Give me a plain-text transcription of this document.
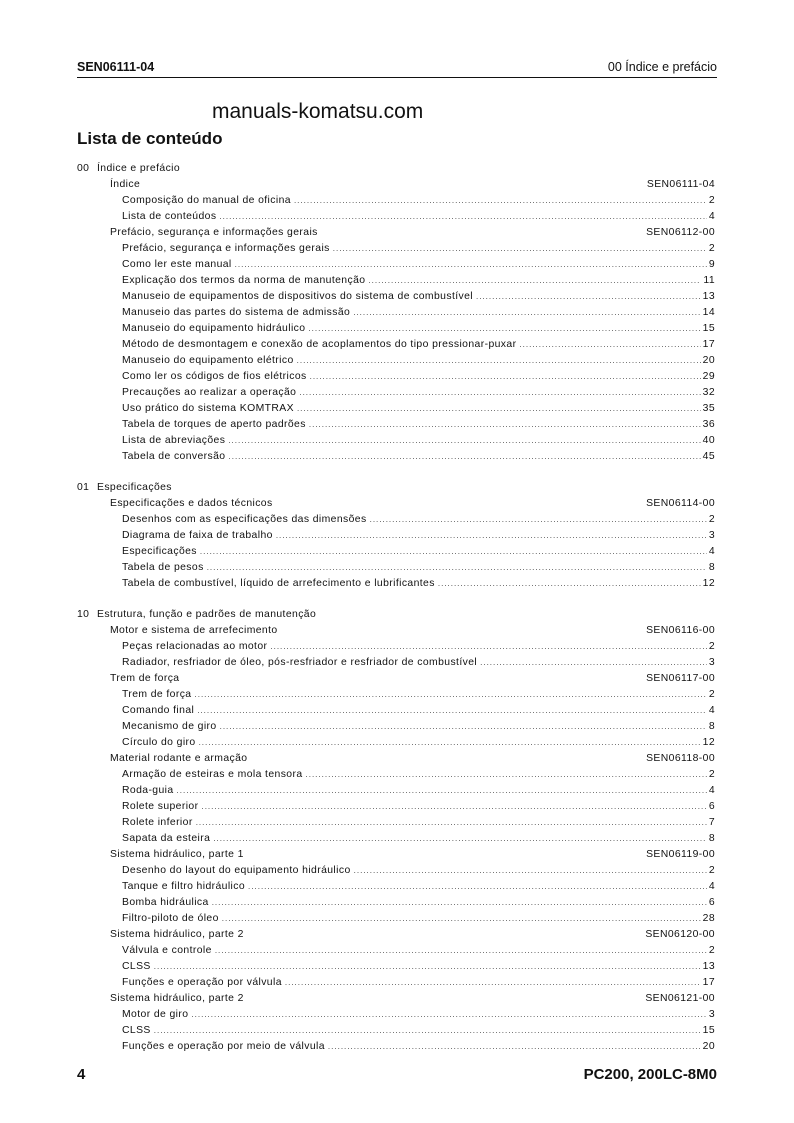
SEN06111-04	00 Índice e prefácio
manuals-komatsu.com
Lista de conteúdo
00 Índice e prefácio
Índice	SEN06111-04
Composição do manual de oficina .....	2
Lista de conteúdos .....	4
Prefácio, segurança e informações gerais	SEN06112-00
Prefácio, segurança e informações gerais .....	2
Como ler este manual .....	9
Explicação dos termos da norma de manutenção .....	11
Manuseio de equipamentos de dispositivos do sistema de combustível .....	13
Manuseio das partes do sistema de admissão .....	14
Manuseio do equipamento hidráulico .....	15
Método de desmontagem e conexão de acoplamentos do tipo pressionar-puxar .....	17
Manuseio do equipamento elétrico .....	20
Como ler os códigos de fios elétricos .....	29
Precauções ao realizar a operação .....	32
Uso prático do sistema KOMTRAX .....	35
Tabela de torques de aperto padrões .....	36
Lista de abreviações .....	40
Tabela de conversão .....	45
01 Especificações
Especificações e dados técnicos	SEN06114-00
Desenhos com as especificações das dimensões .....	2
Diagrama de faixa de trabalho .....	3
Especificações .....	4
Tabela de pesos .....	8
Tabela de combustível, líquido de arrefecimento e lubrificantes .....	12
10 Estrutura, função e padrões de manutenção
Motor e sistema de arrefecimento	SEN06116-00
Peças relacionadas ao motor .....	2
Radiador, resfriador de óleo, pós-resfriador e resfriador de combustível .....	3
Trem de força	SEN06117-00
Trem de força .....	2
Comando final .....	4
Mecanismo de giro .....	8
Círculo do giro .....	12
Material rodante e armação	SEN06118-00
Armação de esteiras e mola tensora .....	2
Roda-guia .....	4
Rolete superior .....	6
Rolete inferior .....	7
Sapata da esteira .....	8
Sistema hidráulico, parte 1	SEN06119-00
Desenho do layout do equipamento hidráulico .....	2
Tanque e filtro hidráulico .....	4
Bomba hidráulica .....	6
Filtro-piloto de óleo .....	28
Sistema hidráulico, parte 2	SEN06120-00
Válvula e controle .....	2
CLSS .....	13
Funções e operação por válvula .....	17
Sistema hidráulico, parte 2	SEN06121-00
Motor de giro .....	3
CLSS .....	15
Funções e operação por meio de válvula .....	20
4	PC200, 200LC-8M0
